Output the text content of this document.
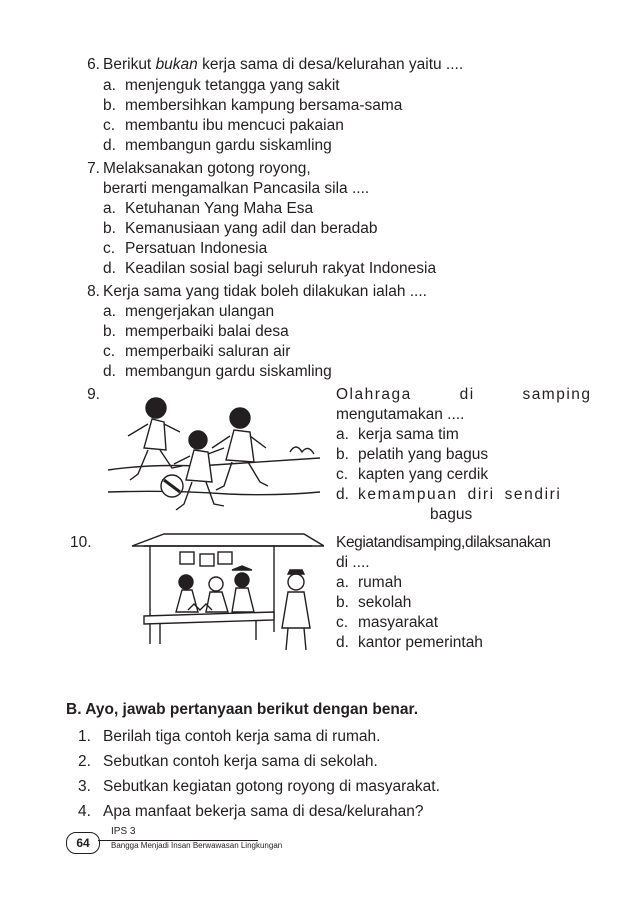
6. Berikut bukan kerja sama di desa/kelurahan yaitu ....
a. menjenguk tetangga yang sakit
b. membersihkan kampung bersama-sama
c. membantu ibu mencuci pakaian
d. membangun gardu siskamling
7. Melaksanakan gotong royong,
berarti mengamalkan Pancasila sila ....
a. Ketuhanan Yang Maha Esa
b. Kemanusiaan yang adil dan beradab
c. Persatuan Indonesia
d. Keadilan sosial bagi seluruh rakyat Indonesia
8. Kerja sama yang tidak boleh dilakukan ialah ....
a. mengerjakan ulangan
b. memperbaiki balai desa
c. memperbaiki saluran air
d. membangun gardu siskamling
9.	Olahraga di samping
mengutamakan ....
a. kerja sama tim
b. pelatih yang bagus
c. kapten yang cerdik
d. kemampuan diri sendiri
bagus
10.	Kegiatandisamping,dilaksanakan
di ....
a. rumah
b. sekolah
c. masyarakat
d. kantor pemerintah
B. Ayo, jawab pertanyaan berikut dengan benar.
1. Berilah tiga contoh kerja sama di rumah.
2. Sebutkan contoh kerja sama di sekolah.
3. Sebutkan kegiatan gotong royong di masyarakat.
4. Apa manfaat bekerja sama di desa/kelurahan?
64
IPS 3
Bangga Menjadi Insan Berwawasan Lingkungan
